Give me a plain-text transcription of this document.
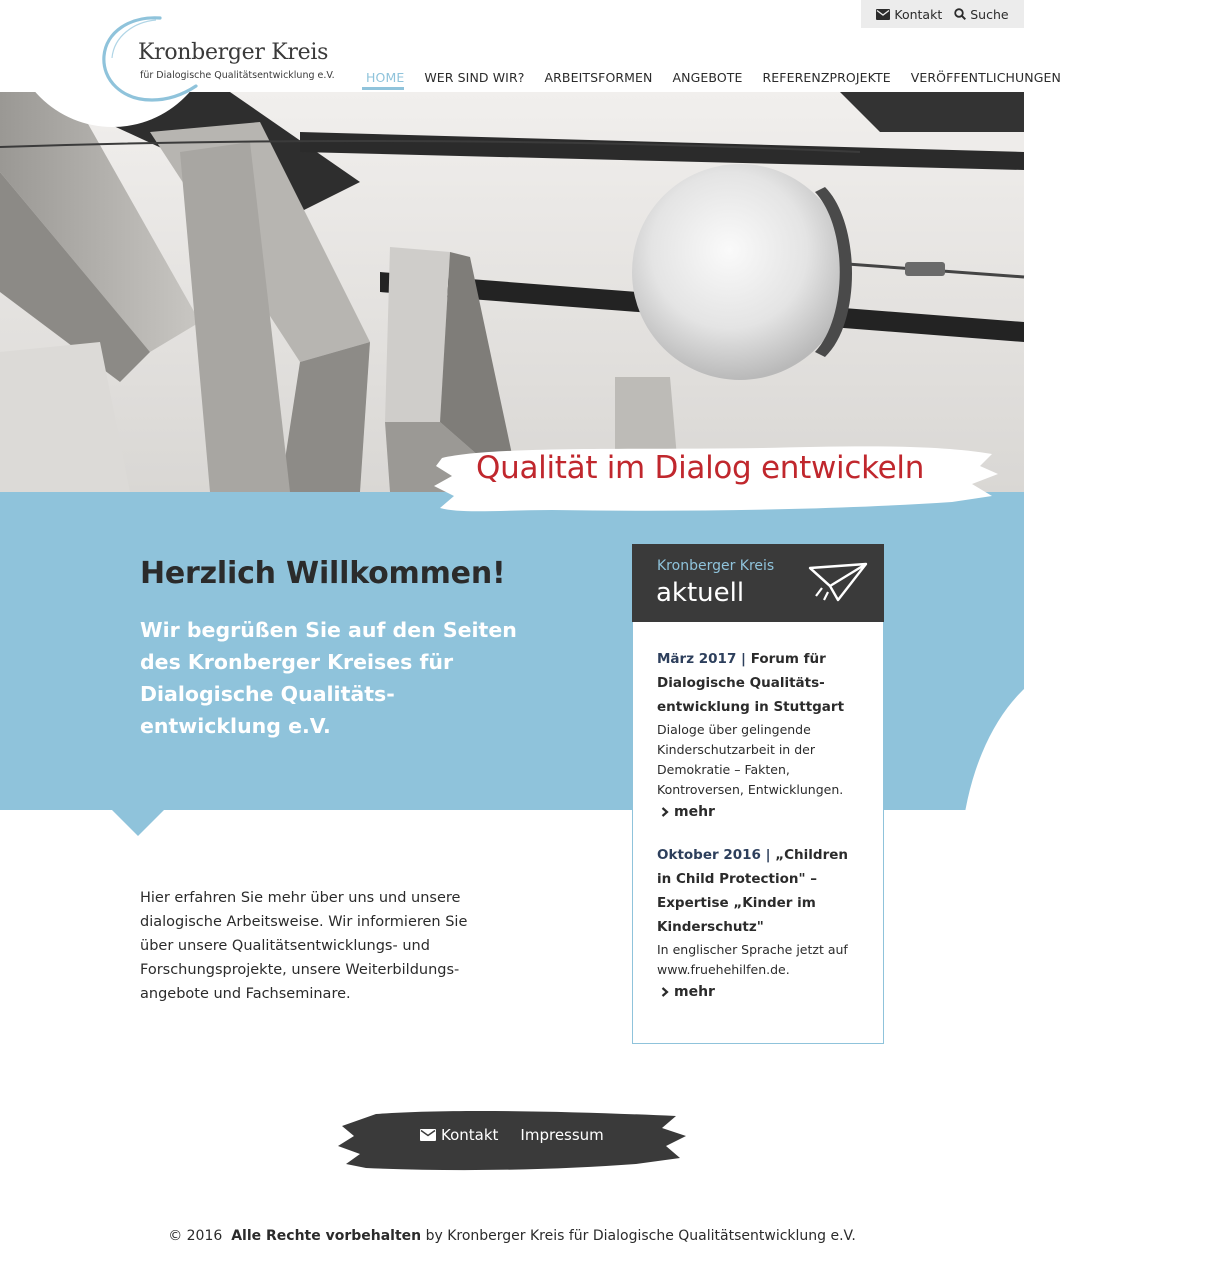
Kontakt Suche
HOME	WER SIND WIR?	ARBEITSFORMEN	ANGEBOTE	REFERENZPROJEKTE	VERÖFFENTLICHUNGEN
Kronberger Kreis
für Dialogische Qualitätsentwicklung e.V.
Qualität im Dialog entwickeln
Herzlich Willkommen!

Wir begrüßen Sie auf den Seiten des Kronberger Kreises für Dialogische Qualitäts-entwicklung e.V.

Hier erfahren Sie mehr über uns und unsere dialogische Arbeitsweise. Wir informieren Sie über unsere Qualitätsentwicklungs- und Forschungsprojekte, unsere Weiterbildungs-angebote und Fachseminare.

Kronberger Kreis
aktuell
März 2017 | Forum für Dialogische Qualitäts-entwicklung in Stuttgart
Dialoge über gelingende Kinderschutzarbeit in der Demokratie – Fakten, Kontroversen, Entwicklungen.
mehr
Oktober 2016 | „Children in Child Protection" – Expertise „Kinder im Kinderschutz"
In englischer Sprache jetzt auf www.fruehehilfen.de.
mehr
Kontakt Impressum
© 2016 Alle Rechte vorbehalten by Kronberger Kreis für Dialogische Qualitätsentwicklung e.V.
